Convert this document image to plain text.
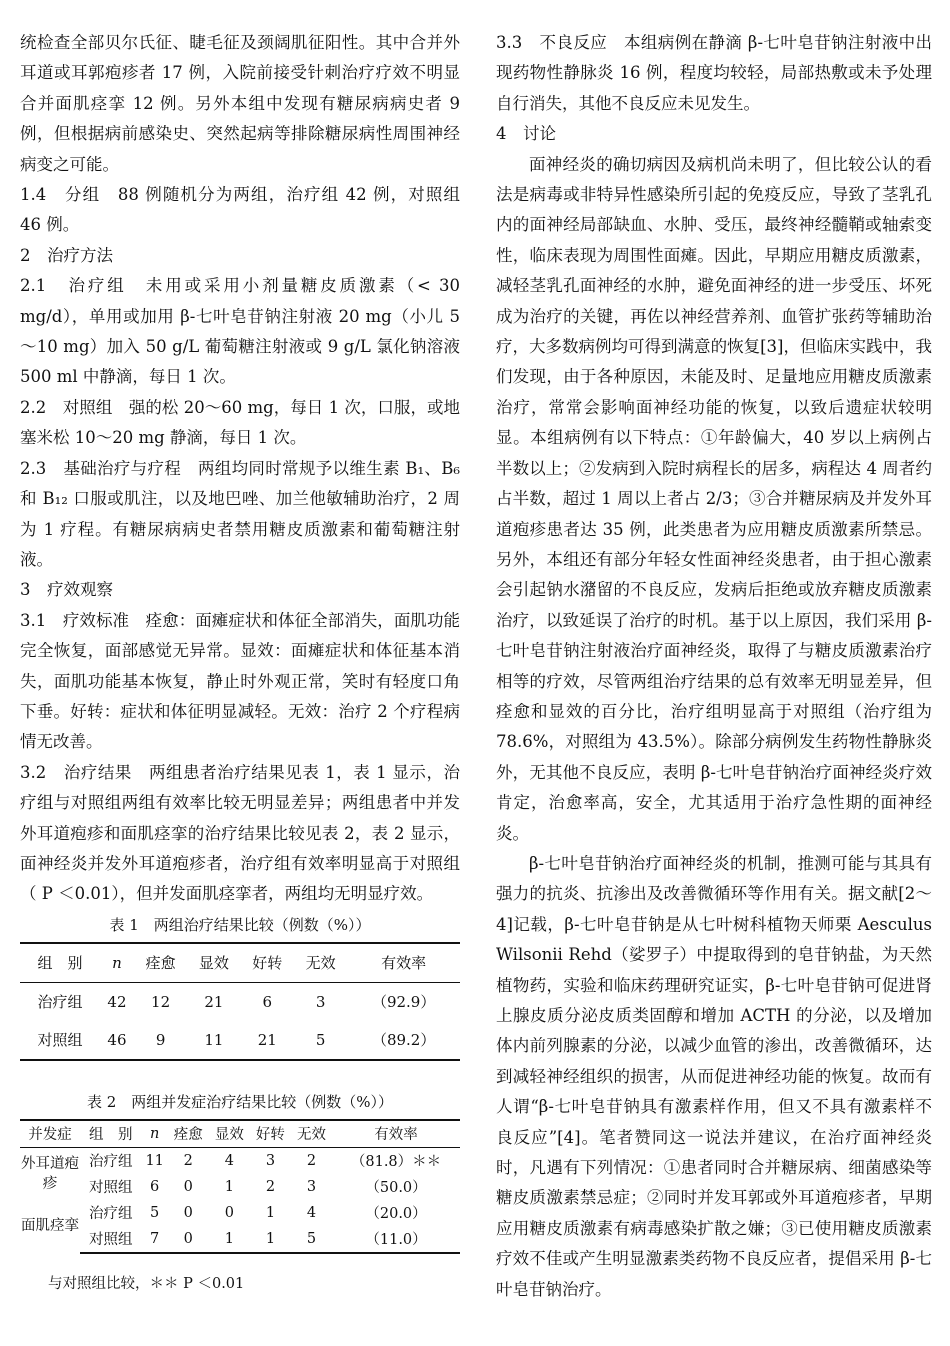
统检查全部贝尔氏征、睫毛征及颈阔肌征阳性。其中合并外耳道或耳郭疱疹者 17 例，入院前接受针刺治疗疗效不明显合并面肌痉挛 12 例。另外本组中发现有糖尿病病史者 9 例，但根据病前感染史、突然起病等排除糖尿病性周围神经病变之可能。

1.4　分组　88 例随机分为两组，治疗组 42 例，对照组 46 例。

2　治疗方法

2.1　治疗组　未用或采用小剂量糖皮质激素（< 30 mg/d），单用或加用 β-七叶皂苷钠注射液 20 mg（小儿 5～10 mg）加入 50 g/L 葡萄糖注射液或 9 g/L 氯化钠溶液 500 ml 中静滴，每日 1 次。

2.2　对照组　强的松 20～60 mg，每日 1 次，口服，或地塞米松 10～20 mg 静滴，每日 1 次。

2.3　基础治疗与疗程　两组均同时常规予以维生素 B₁、B₆ 和 B₁₂ 口服或肌注，以及地巴唑、加兰他敏辅助治疗，2 周为 1 疗程。有糖尿病病史者禁用糖皮质激素和葡萄糖注射液。

3　疗效观察

3.1　疗效标准　痊愈：面瘫症状和体征全部消失，面肌功能完全恢复，面部感觉无异常。显效：面瘫症状和体征基本消失，面肌功能基本恢复，静止时外观正常，笑时有轻度口角下垂。好转：症状和体征明显减轻。无效：治疗 2 个疗程病情无改善。

3.2　治疗结果　两组患者治疗结果见表 1，表 1 显示，治疗组与对照组两组有效率比较无明显差异；两组患者中并发外耳道疱疹和面肌痉挛的治疗结果比较见表 2，表 2 显示，面神经炎并发外耳道疱疹者，治疗组有效率明显高于对照组（ P ＜0.01），但并发面肌痉挛者，两组均无明显疗效。

表 1　两组治疗结果比较（例数（%））
组　别	n	痊愈	显效	好转	无效	有效率
治疗组	42	12	21	6	3	（92.9）
对照组	46	9	11	21	5	（89.2）
表 2　两组并发症治疗结果比较（例数（%））
并发症	组　别	n	痊愈	显效	好转	无效	有效率
外耳道疱疹	治疗组	11	2	4	3	2	（81.8）＊＊
	对照组	6	0	1	2	3	（50.0）
面肌痉挛	治疗组	5	0	0	1	4	（20.0）
	对照组	7	0	1	1	5	（11.0）
与对照组比较，＊＊ P ＜0.01

3.3　不良反应　本组病例在静滴 β-七叶皂苷钠注射液中出现药物性静脉炎 16 例，程度均较轻，局部热敷或未予处理自行消失，其他不良反应未见发生。

4　讨论

面神经炎的确切病因及病机尚未明了，但比较公认的看法是病毒或非特异性感染所引起的免疫反应，导致了茎乳孔内的面神经局部缺血、水肿、受压，最终神经髓鞘或轴索变性，临床表现为周围性面瘫。因此，早期应用糖皮质激素，减轻茎乳孔面神经的水肿，避免面神经的进一步受压、坏死成为治疗的关键，再佐以神经营养剂、血管扩张药等辅助治疗，大多数病例均可得到满意的恢复[3]，但临床实践中，我们发现，由于各种原因，未能及时、足量地应用糖皮质激素治疗，常常会影响面神经功能的恢复，以致后遗症状较明显。本组病例有以下特点：①年龄偏大，40 岁以上病例占半数以上；②发病到入院时病程长的居多，病程达 4 周者约占半数，超过 1 周以上者占 2/3；③合并糖尿病及并发外耳道疱疹患者达 35 例，此类患者为应用糖皮质激素所禁忌。另外，本组还有部分年轻女性面神经炎患者，由于担心激素会引起钠水潴留的不良反应，发病后拒绝或放弃糖皮质激素治疗，以致延误了治疗的时机。基于以上原因，我们采用 β-七叶皂苷钠注射液治疗面神经炎，取得了与糖皮质激素治疗相等的疗效，尽管两组治疗结果的总有效率无明显差异，但痊愈和显效的百分比，治疗组明显高于对照组（治疗组为 78.6%，对照组为 43.5%）。除部分病例发生药物性静脉炎外，无其他不良反应，表明 β-七叶皂苷钠治疗面神经炎疗效肯定，治愈率高，安全，尤其适用于治疗急性期的面神经炎。

β-七叶皂苷钠治疗面神经炎的机制，推测可能与其具有强力的抗炎、抗渗出及改善微循环等作用有关。据文献[2～4]记载，β-七叶皂苷钠是从七叶树科植物天师栗 Aesculus Wilsonii Rehd（娑罗子）中提取得到的皂苷钠盐，为天然植物药，实验和临床药理研究证实，β-七叶皂苷钠可促进肾上腺皮质分泌皮质类固醇和增加 ACTH 的分泌，以及增加体内前列腺素的分泌，以减少血管的渗出，改善微循环，达到减轻神经组织的损害，从而促进神经功能的恢复。故而有人谓“β-七叶皂苷钠具有激素样作用，但又不具有激素样不良反应”[4]。笔者赞同这一说法并建议，在治疗面神经炎时，凡遇有下列情况：①患者同时合并糖尿病、细菌感染等糖皮质激素禁忌症；②同时并发耳郭或外耳道疱疹者，早期应用糖皮质激素有病毒感染扩散之嫌；③已使用糖皮质激素疗效不佳或产生明显激素类药物不良反应者，提倡采用 β-七叶皂苷钠治疗。
